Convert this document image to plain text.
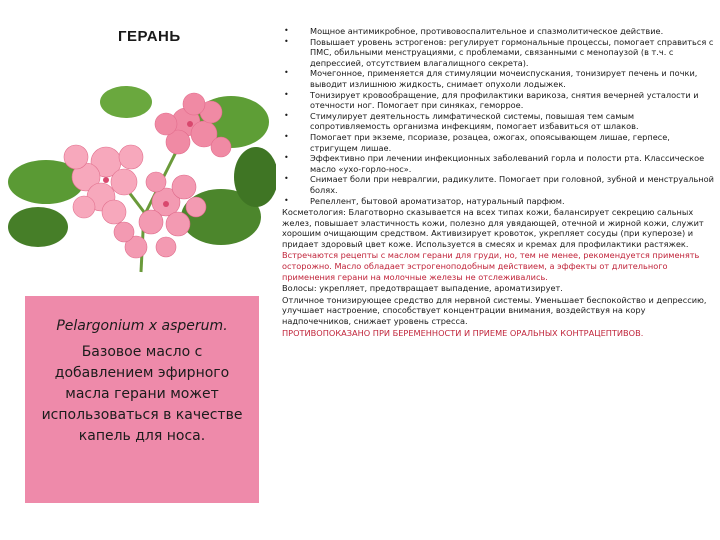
ГЕРАНЬ
Pelargonium x asperum.
Базовое масло с добавлением эфирного масла герани может использоваться в качестве капель для носа.
•	Мощное антимикробное, противовоспалительное и спазмолитическое действие.
•	Повышает уровень эстрогенов: регулирует гормональные процессы, помогает справиться с ПМС, обильными менструациями, с проблемами, связанными с менопаузой (в т.ч. с депрессией, отсутствием влагалищного секрета).
•	Мочегонное, применяется для стимуляции мочеиспускания, тонизирует печень и почки, выводит излишнюю жидкость, снимает опухоли лодыжек.
•	Тонизирует кровообращение, для профилактики варикоза, снятия вечерней усталости и отечности ног. Помогает при синяках, геморрое.
•	Стимулирует деятельность лимфатической системы, повышая тем самым сопротивляемость организма инфекциям, помогает избавиться от шлаков.
•	Помогает при экземе, псориазе, розацеа, ожогах, опоясывающем лишае, герпесе, стригущем лишае.
•	Эффективно при лечении инфекционных заболеваний горла и полости рта. Классическое масло «ухо-горло-нос».
•	Снимает боли при невралгии, радикулите. Помогает при головной, зубной и менструальной болях.
•	Репеллент, бытовой ароматизатор, натуральный парфюм.
Косметология: Благотворно сказывается на всех типах кожи, балансирует секрецию сальных желез, повышает эластичность кожи, полезно для увядающей, отечной и жирной кожи, служит хорошим очищающим средством. Активизирует кровоток, укрепляет сосуды (при куперозе) и придает здоровый цвет коже. Используется в смесях и кремах для профилактики растяжек.
Встречаются рецепты с маслом герани для груди, но, тем не менее, рекомендуется применять осторожно. Масло обладает эстрогеноподобным действием, а эффекты от длительного применения герани на молочные железы не отслеживались.
Волосы: укрепляет, предотвращает выпадение, ароматизирует.
Отличное тонизирующее средство для нервной системы. Уменьшает беспокойство и депрессию, улучшает настроение, способствует концентрации внимания, воздействуя на кору надпочечников, снижает уровень стресса.
ПРОТИВОПОКАЗАНО ПРИ БЕРЕМЕННОСТИ И ПРИЕМЕ ОРАЛЬНЫХ КОНТРАЦЕПТИВОВ.
